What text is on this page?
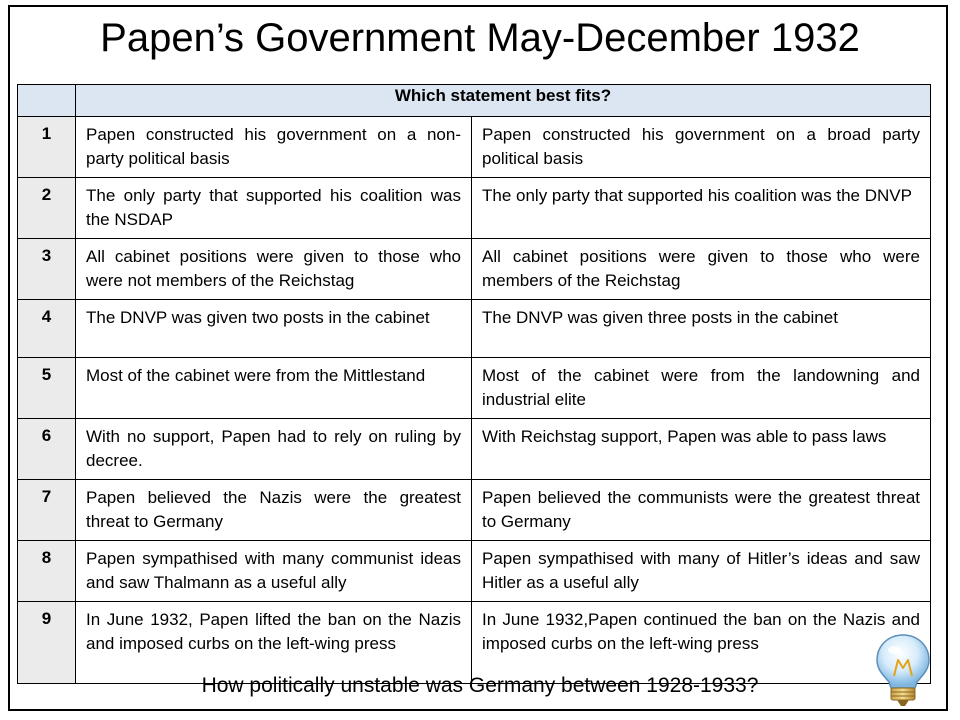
Papen’s Government May-December 1932
	Which statement best fits?	
1	Papen constructed his government on a non-party political basis	Papen constructed his government on a broad party political basis
2	The only party that supported his coalition was the NSDAP	The only party that supported his coalition was the DNVP
3	All cabinet positions were given to those who were not members of the Reichstag	All cabinet positions were given to those who were members of the Reichstag
4	The DNVP was given two posts in the cabinet	The DNVP was given three posts in the cabinet
5	Most of the cabinet were from the Mittlestand	Most of the cabinet were from the landowning and industrial elite
6	With no support, Papen had to rely on ruling by decree.	With Reichstag support, Papen was able to pass laws
7	Papen believed the Nazis were the greatest threat to Germany	Papen believed the communists were the greatest threat to Germany
8	Papen sympathised with many communist ideas and saw Thalmann as a useful ally	Papen sympathised with many of Hitler’s ideas and saw Hitler as a useful ally
9	In June 1932, Papen lifted the ban on the Nazis and imposed curbs on the left-wing press	In June 1932,Papen continued the ban on the Nazis and imposed curbs on the left-wing press
How politically unstable was Germany between 1928-1933?
